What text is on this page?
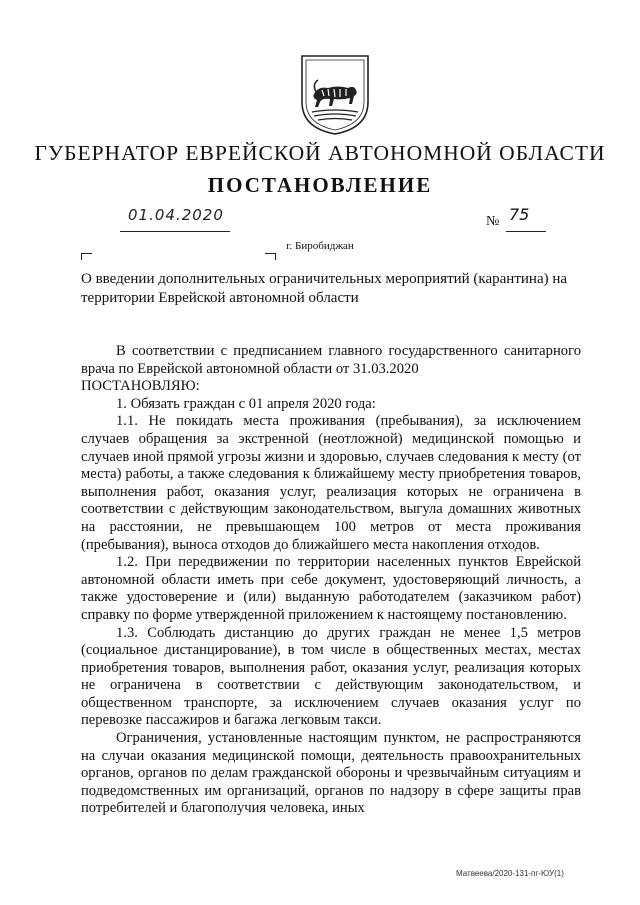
ГУБЕРНАТОР ЕВРЕЙСКОЙ АВТОНОМНОЙ ОБЛАСТИ
ПОСТАНОВЛЕНИЕ
01.04.2020	№ 75
г. Биробиджан
О введении дополнительных ограничительных мероприятий (карантина) на территории Еврейской автономной области

В соответствии с предписанием главного государственного санитарного врача по Еврейской автономной области от 31.03.2020

ПОСТАНОВЛЯЮ:

1. Обязать граждан с 01 апреля 2020 года:

1.1. Не покидать места проживания (пребывания), за исключением случаев обращения за экстренной (неотложной) медицинской помощью и случаев иной прямой угрозы жизни и здоровью, случаев следования к месту (от места) работы, а также следования к ближайшему месту приобретения товаров, выполнения работ, оказания услуг, реализация которых не ограничена в соответствии с действующим законодательством, выгула домашних животных на расстоянии, не превышающем 100 метров от места проживания (пребывания), выноса отходов до ближайшего места накопления отходов.

1.2. При передвижении по территории населенных пунктов Еврейской автономной области иметь при себе документ, удостоверяющий личность, а также удостоверение и (или) выданную работодателем (заказчиком работ) справку по форме утвержденной приложением к настоящему постановлению.

1.3. Соблюдать дистанцию до других граждан не менее 1,5 метров (социальное дистанцирование), в том числе в общественных местах, местах приобретения товаров, выполнения работ, оказания услуг, реализация которых не ограничена в соответствии с действующим законодательством, и общественном транспорте, за исключением случаев оказания услуг по перевозке пассажиров и багажа легковым такси.

Ограничения, установленные настоящим пунктом, не распространяются на случаи оказания медицинской помощи, деятельность правоохранительных органов, органов по делам гражданской обороны и чрезвычайным ситуациям и подведомственных им организаций, органов по надзору в сфере защиты прав потребителей и благополучия человека, иных

Матвеева/2020-131-пг-ЮУ(1)
